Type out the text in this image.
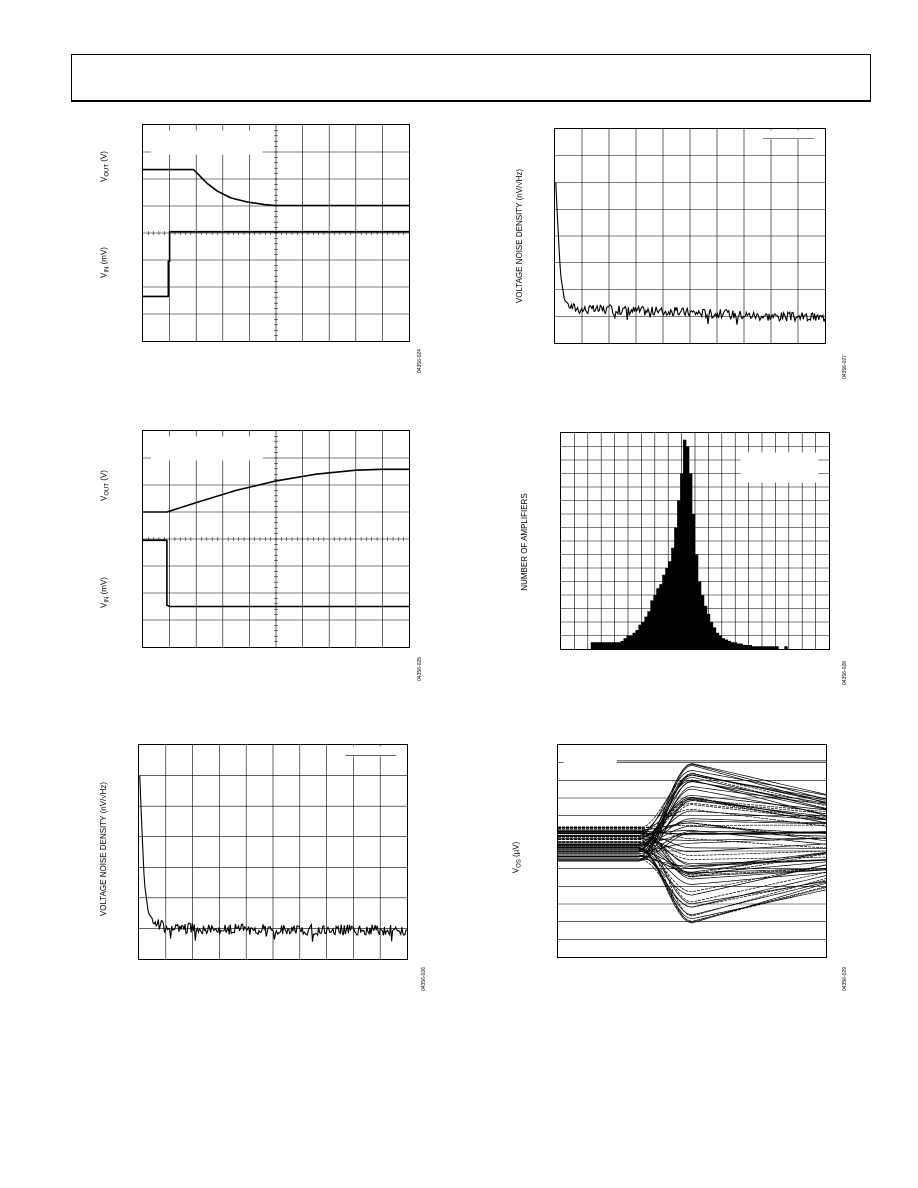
$V_{OUT}$ (V)
$V_{IN}$ (mV)
04356-024
VOLTAGE NOISE DENSITY (nV/√Hz)
04356-027
$V_{OUT}$ (V)
$V_{IN}$ (mV)
04356-025
NUMBER OF AMPLIFIERS
04356-028
VOLTAGE NOISE DENSITY (nV/√Hz)
04356-026
$V_{OS}$ (µV)
04356-029
